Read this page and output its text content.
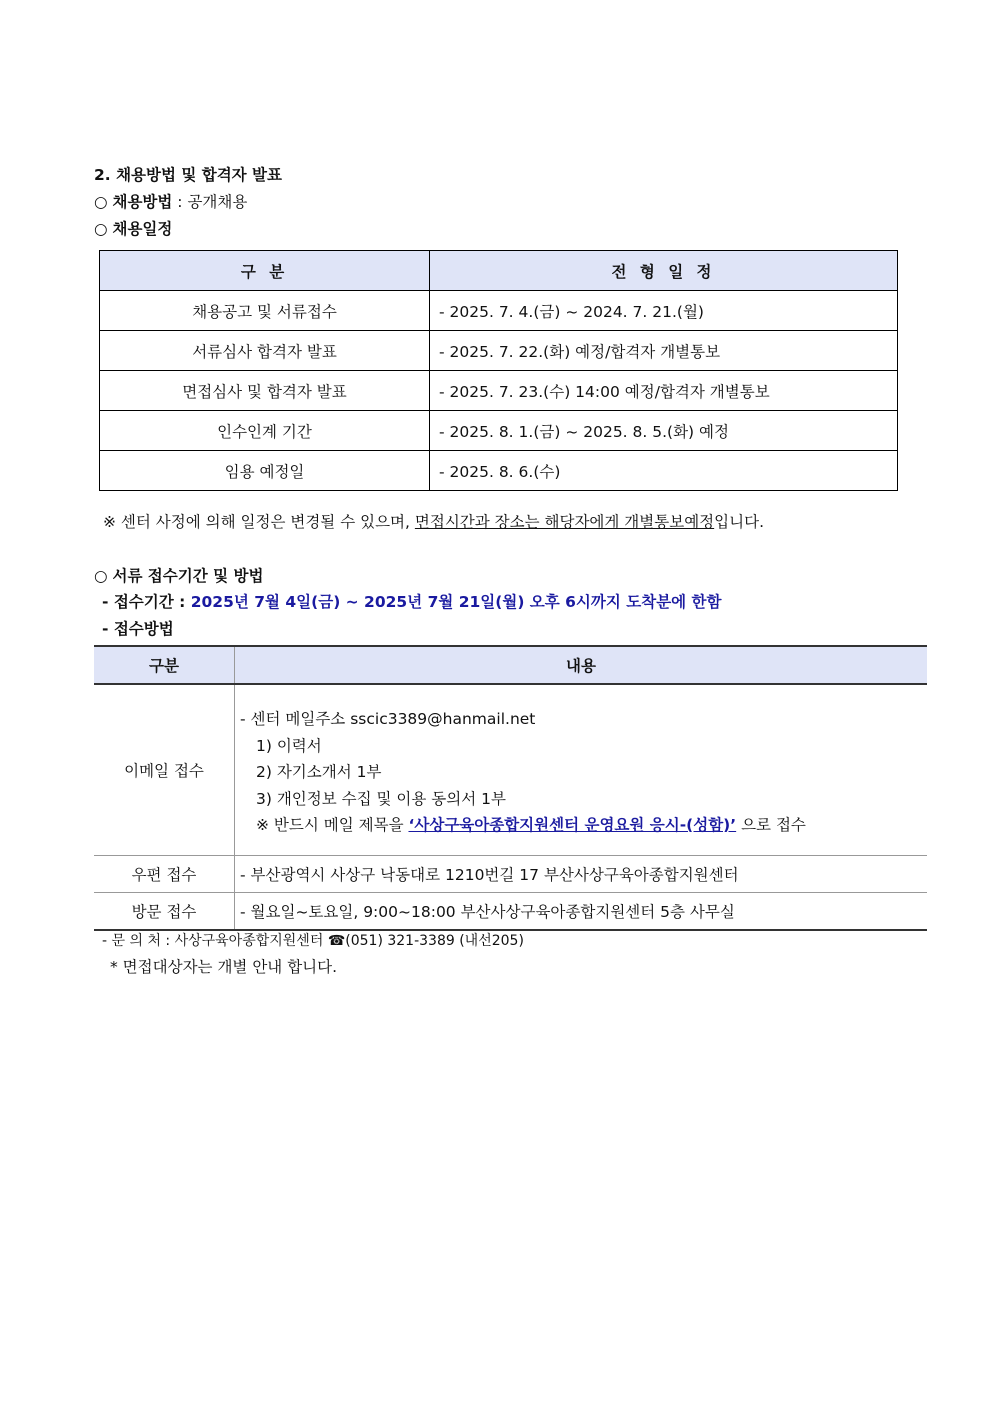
2. 채용방법 및 합격자 발표
○ 채용방법 : 공개채용
○ 채용일정
구 분	전 형 일 정
채용공고 및 서류접수	- 2025. 7. 4.(금) ~ 2024. 7. 21.(월)
서류심사 합격자 발표	- 2025. 7. 22.(화) 예정/합격자 개별통보
면접심사 및 합격자 발표	- 2025. 7. 23.(수) 14:00 예정/합격자 개별통보
인수인계 기간	- 2025. 8. 1.(금) ~ 2025. 8. 5.(화) 예정
임용 예정일	- 2025. 8. 6.(수)
※ 센터 사정에 의해 일정은 변경될 수 있으며, 면접시간과 장소는 해당자에게 개별통보예정입니다.
○ 서류 접수기간 및 방법
- 접수기간 : 2025년 7월 4일(금) ~ 2025년 7월 21일(월) 오후 6시까지 도착분에 한함
- 접수방법
구분	내용
이메일 접수	- 센터 메일주소 sscic3389@hanmail.net
1) 이력서
2) 자기소개서 1부
3) 개인정보 수집 및 이용 동의서 1부
※ 반드시 메일 제목을 ‘사상구육아종합지원센터 운영요원 응시-(성함)’ 으로 접수

우편 접수	- 부산광역시 사상구 낙동대로 1210번길 17 부산사상구육아종합지원센터
방문 접수	- 월요일~토요일, 9:00~18:00 부산사상구육아종합지원센터 5층 사무실
- 문 의 처 : 사상구육아종합지원센터 ☎(051) 321-3389 (내선205)
* 면접대상자는 개별 안내 합니다.
